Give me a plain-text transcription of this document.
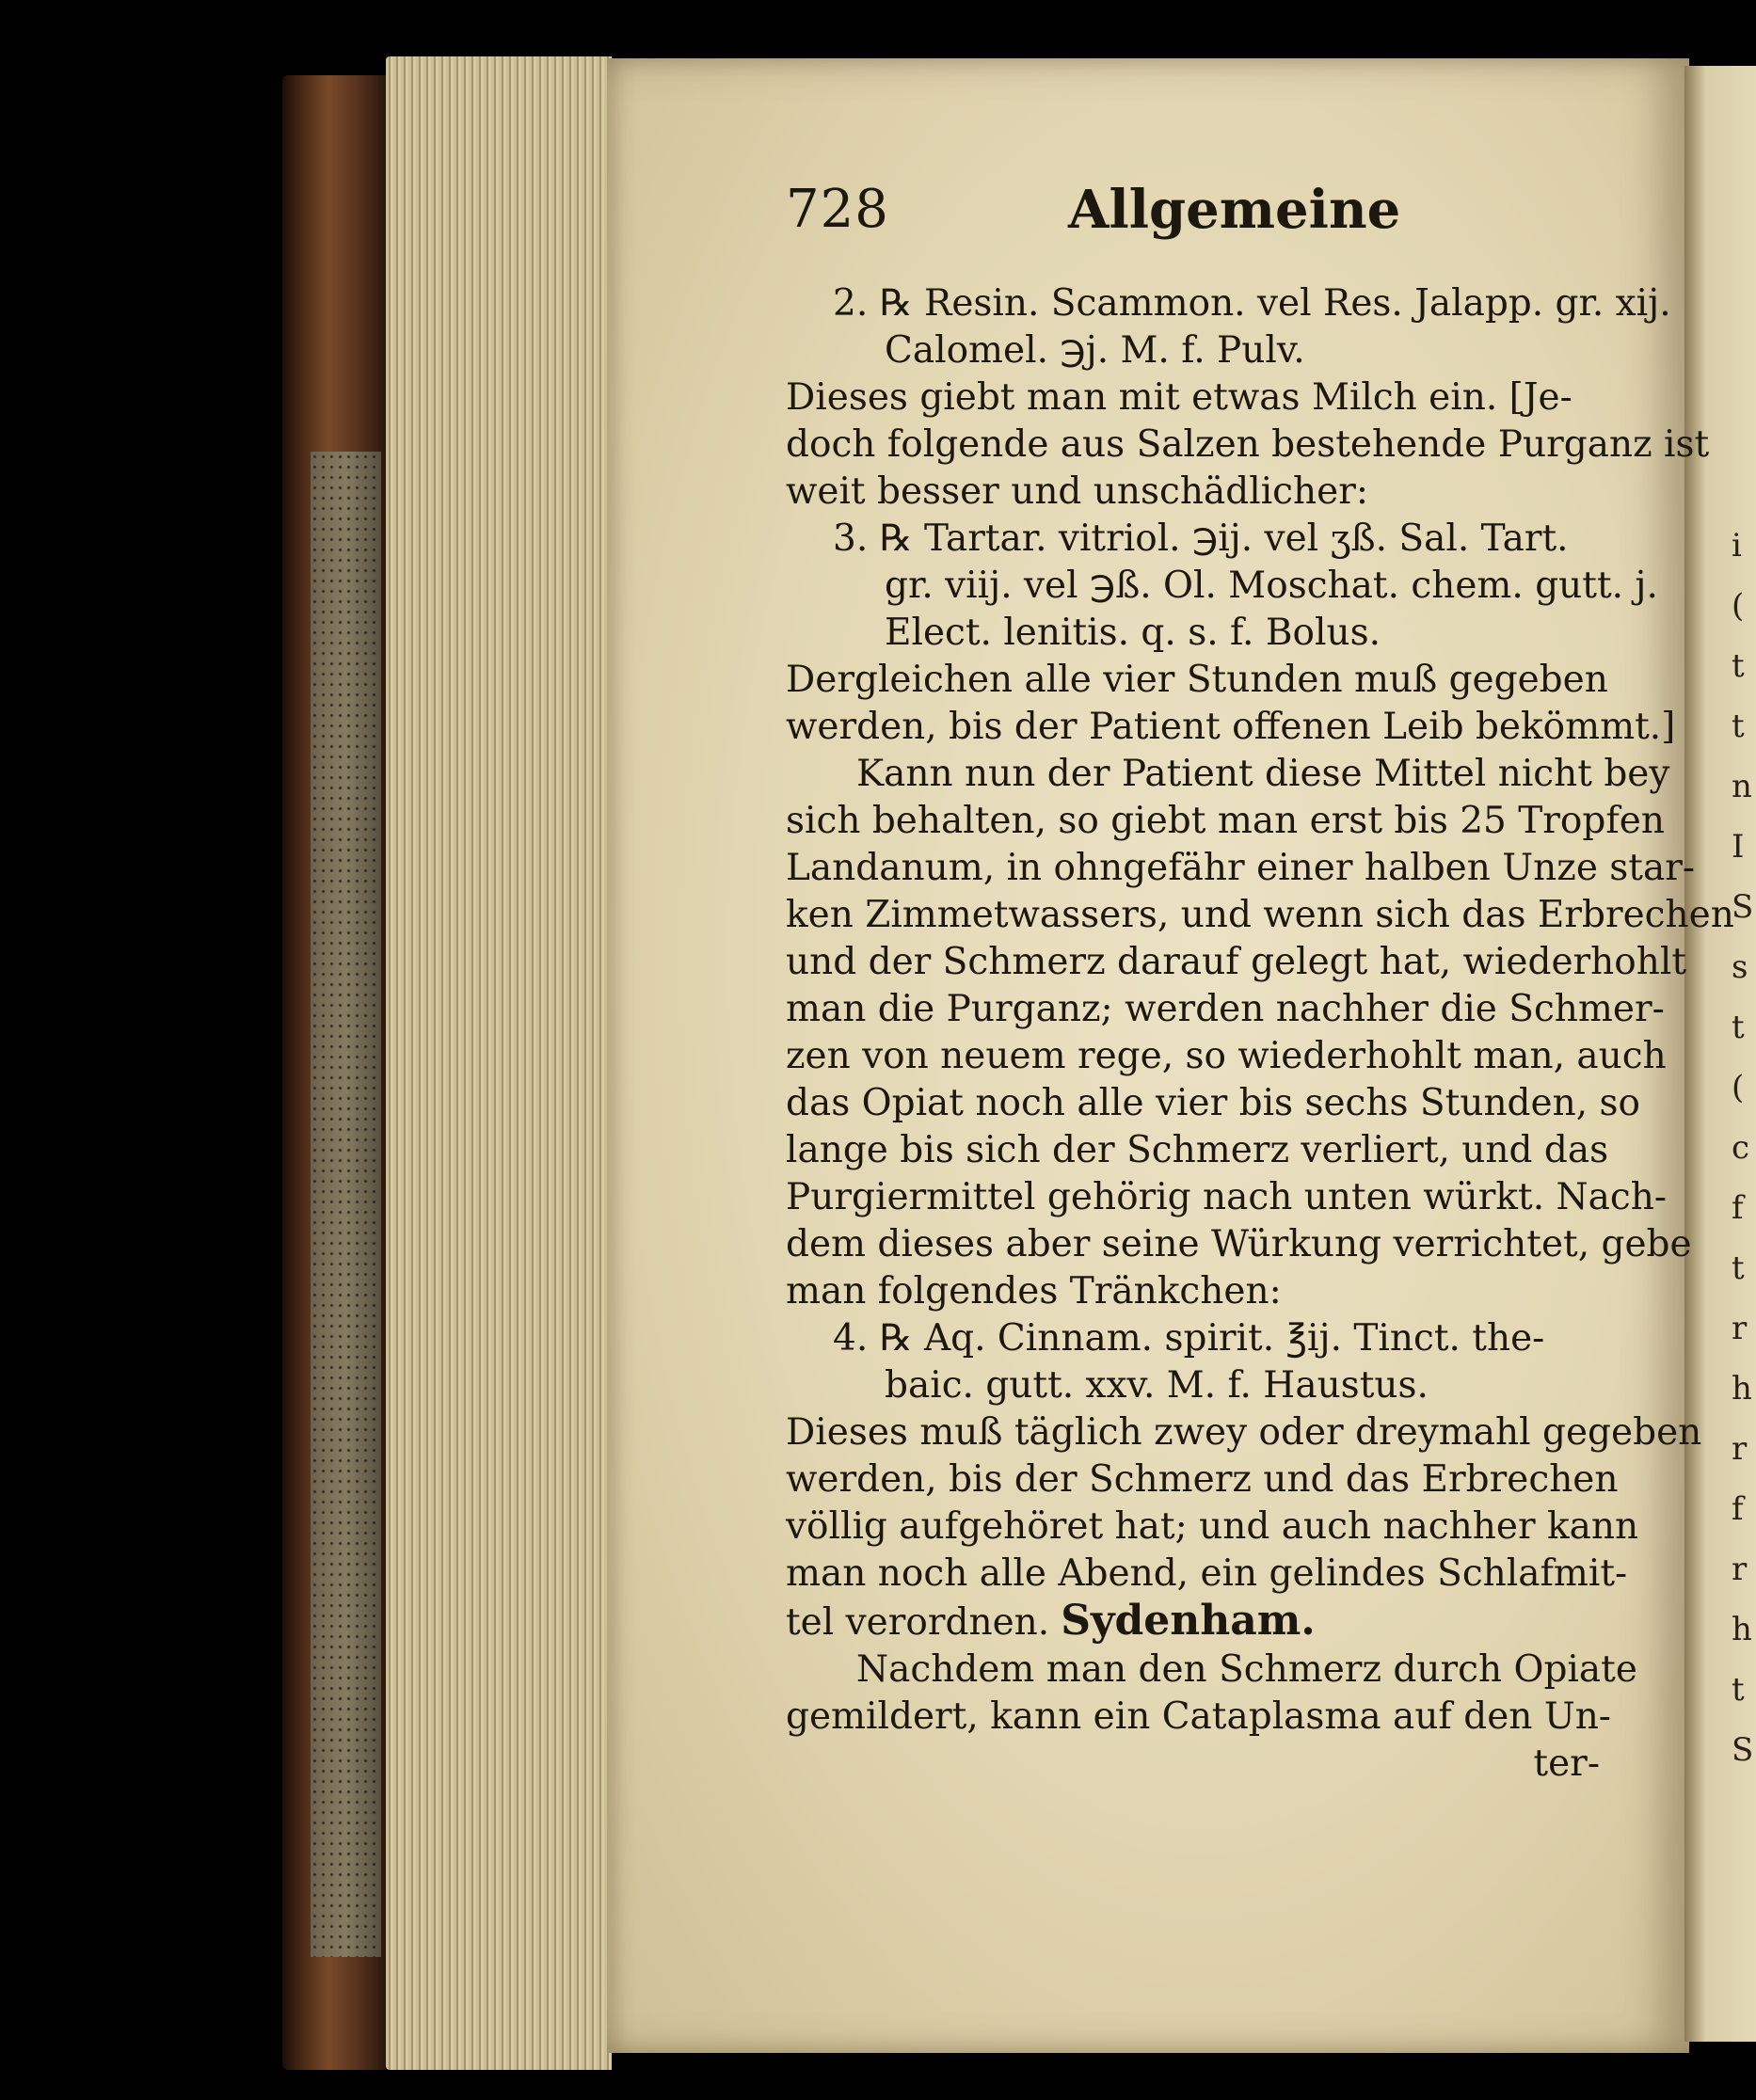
i
(
t
t
n
I
S
s
t
(
c
f
t
r
h
r
f
r
h
t
S
728	Allgemeine
2. ℞ Resin. Scammon. vel Res. Jalapp. gr. xij.
Calomel. ℈j. M. f. Pulv.
Dieses giebt man mit etwas Milch ein. [Je-
doch folgende aus Salzen bestehende Purganz ist
weit besser und unschädlicher:
3. ℞ Tartar. vitriol. ℈ij. vel ʒß. Sal. Tart.
gr. viij. vel ℈ß. Ol. Moschat. chem. gutt. j.
Elect. lenitis. q. s. f. Bolus.
Dergleichen alle vier Stunden muß gegeben
werden, bis der Patient offenen Leib bekömmt.]
Kann nun der Patient diese Mittel nicht bey
sich behalten, so giebt man erst bis 25 Tropfen
Landanum, in ohngefähr einer halben Unze star-
ken Zimmetwassers, und wenn sich das Erbrechen
und der Schmerz darauf gelegt hat, wiederhohlt
man die Purganz; werden nachher die Schmer-
zen von neuem rege, so wiederhohlt man, auch
das Opiat noch alle vier bis sechs Stunden, so
lange bis sich der Schmerz verliert, und das
Purgiermittel gehörig nach unten würkt. Nach-
dem dieses aber seine Würkung verrichtet, gebe
man folgendes Tränkchen:
4. ℞ Aq. Cinnam. spirit. ℥ij. Tinct. the-
baic. gutt. xxv. M. f. Haustus.
Dieses muß täglich zwey oder dreymahl gegeben
werden, bis der Schmerz und das Erbrechen
völlig aufgehöret hat; und auch nachher kann
man noch alle Abend, ein gelindes Schlafmit-
tel verordnen. Sydenham.
Nachdem man den Schmerz durch Opiate
gemildert, kann ein Cataplasma auf den Un-
ter-
